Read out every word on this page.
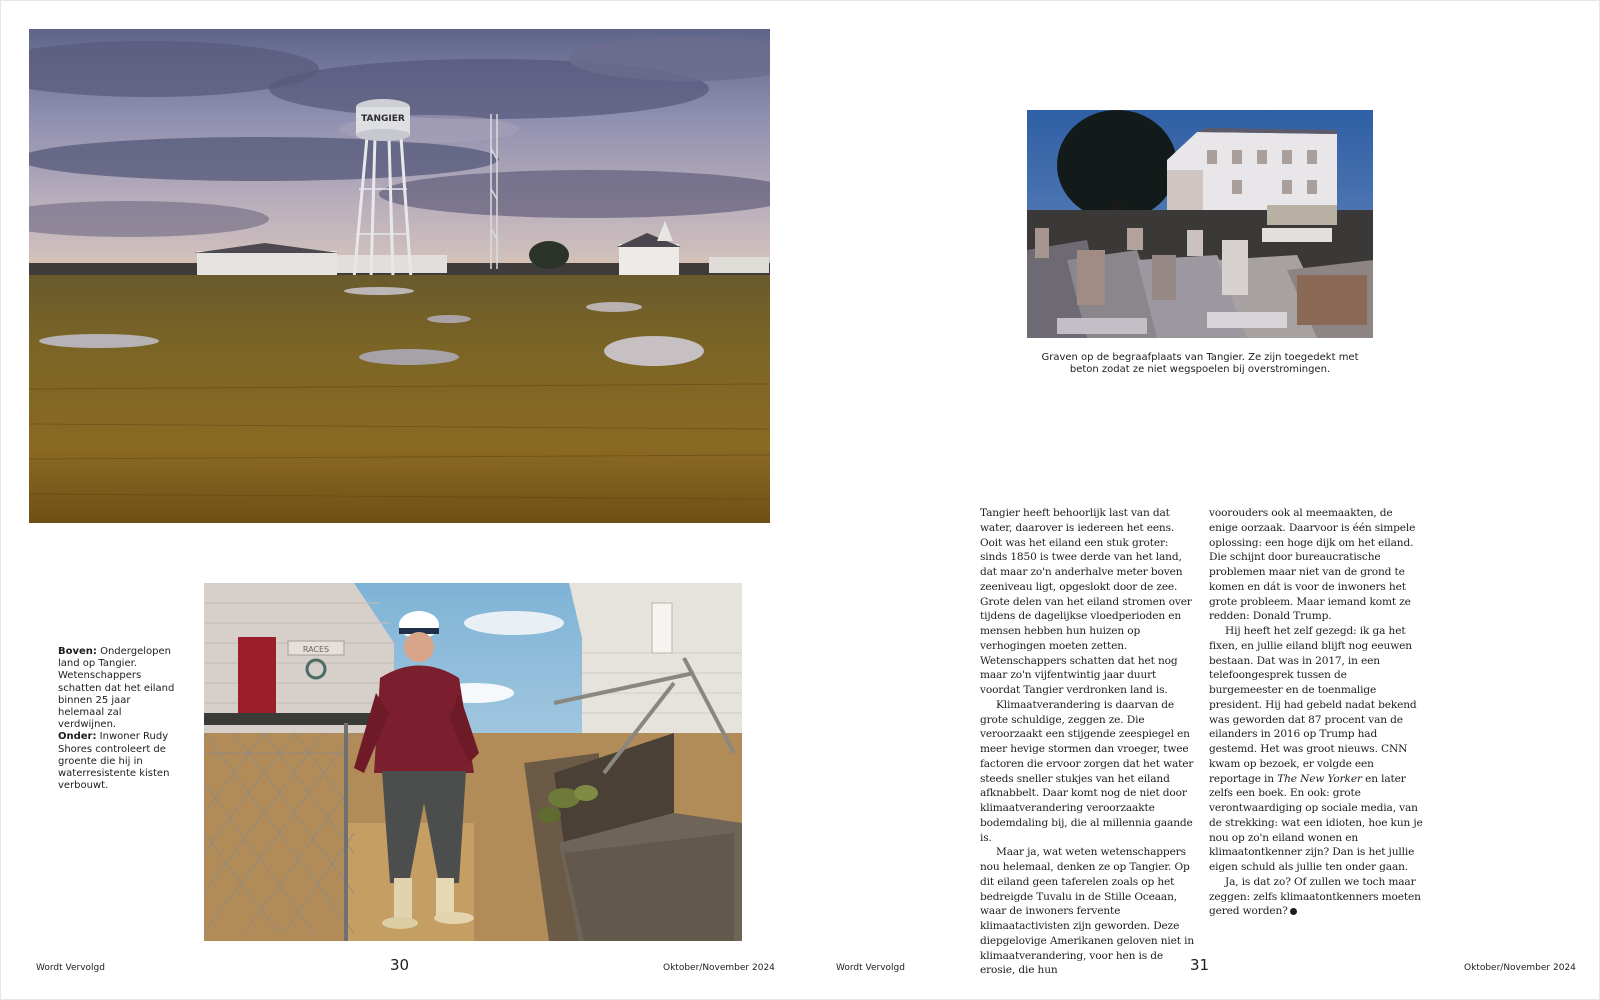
TANGIER
RACES
Boven: Ondergelopen land op Tangier. Wetenschappers schatten dat het eiland binnen 25 jaar helemaal zal verdwijnen.
Onder: Inwoner Rudy Shores controleert de groente die hij in waterresistente kisten verbouwt.
Graven op de begraafplaats van Tangier. Ze zijn toegedekt met beton zodat ze niet wegspoelen bij overstromingen.

Tangier heeft behoorlijk last van dat water, daarover is iedereen het eens. Ooit was het eiland een stuk groter: sinds 1850 is twee derde van het land, dat maar zo'n anderhalve meter boven zeeniveau ligt, opgeslokt door de zee. Grote delen van het eiland stromen over tijdens de dagelijkse vloedperioden en mensen hebben hun huizen op verhogingen moeten zetten. Wetenschappers schatten dat het nog maar zo'n vijfentwintig jaar duurt voordat Tangier verdronken land is.

Klimaatverandering is daarvan de grote schuldige, zeggen ze. Die veroorzaakt een stijgende zeespiegel en meer hevige stormen dan vroeger, twee factoren die ervoor zorgen dat het water steeds sneller stukjes van het eiland afknabbelt. Daar komt nog de niet door klimaatverandering veroorzaakte bodemdaling bij, die al millennia gaande is.

Maar ja, wat weten wetenschappers nou helemaal, denken ze op Tangier. Op dit eiland geen taferelen zoals op het bedreigde Tuvalu in de Stille Oceaan, waar de inwoners fervente klimaatactivisten zijn geworden. Deze diepgelovige Amerikanen geloven niet in klimaatverandering, voor hen is de erosie, die hun

voorouders ook al meemaakten, de enige oorzaak. Daarvoor is één simpele oplossing: een hoge dijk om het eiland. Die schijnt door bureaucratische problemen maar niet van de grond te komen en dát is voor de inwoners het grote probleem. Maar iemand komt ze redden: Donald Trump.

Hij heeft het zelf gezegd: ik ga het fixen, en jullie eiland blijft nog eeuwen bestaan. Dat was in 2017, in een telefoongesprek tussen de burgemeester en de toenmalige president. Hij had gebeld nadat bekend was geworden dat 87 procent van de eilanders in 2016 op Trump had gestemd. Het was groot nieuws. CNN kwam op bezoek, er volgde een reportage in The New Yorker en later zelfs een boek. En ook: grote verontwaardiging op sociale media, van de strekking: wat een idioten, hoe kun je nou op zo'n eiland wonen en klimaatontkenner zijn? Dan is het jullie eigen schuld als jullie ten onder gaan.

Ja, is dat zo? Of zullen we toch maar zeggen: zelfs klimaatontkenners moeten gered worden?

Wordt Vervolgd	30	Oktober/November 2024	Wordt Vervolgd	31	Oktober/November 2024
